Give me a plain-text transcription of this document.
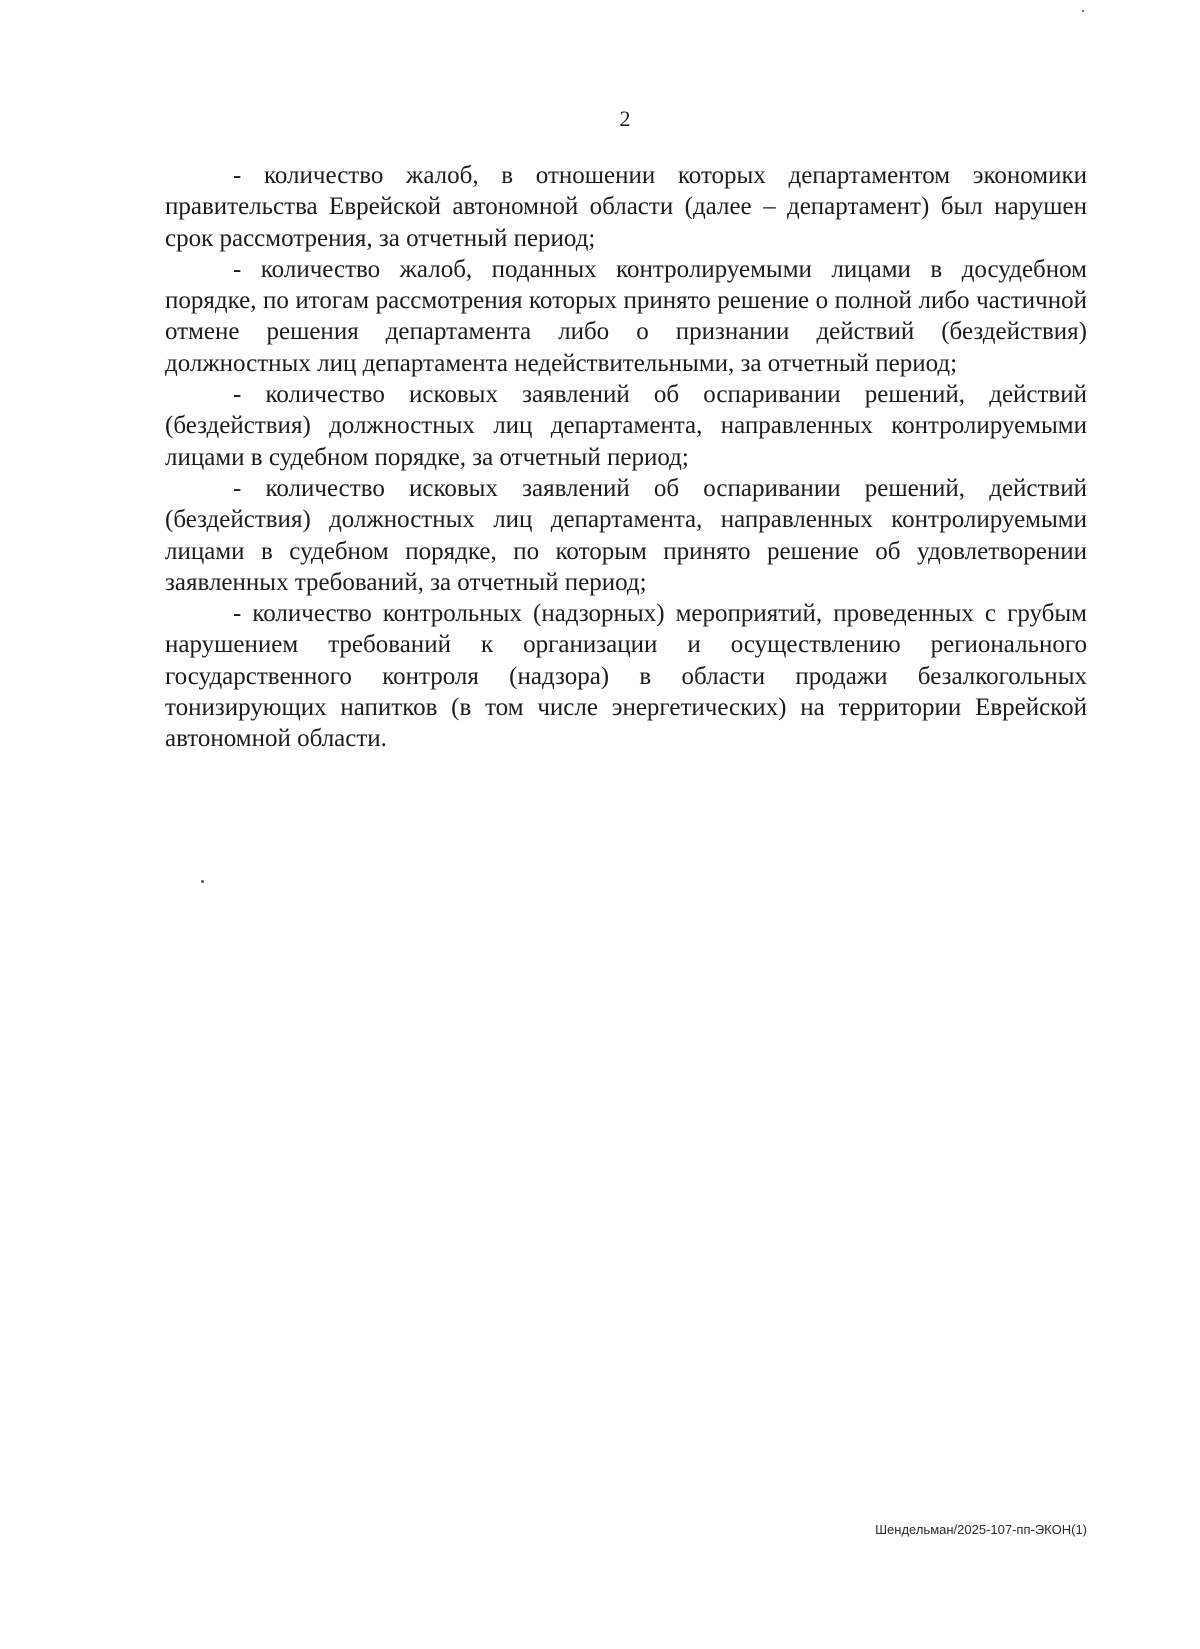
2

- количество жалоб, в отношении которых департаментом экономики правительства Еврейской автономной области (далее – департамент) был нарушен срок рассмотрения, за отчетный период;

- количество жалоб, поданных контролируемыми лицами в досудебном порядке, по итогам рассмотрения которых принято решение о полной либо частичной отмене решения департамента либо о признании действий (бездействия) должностных лиц департамента недействительными, за отчетный период;

- количество исковых заявлений об оспаривании решений, действий (бездействия) должностных лиц департамента, направленных контролируемыми лицами в судебном порядке, за отчетный период;

- количество исковых заявлений об оспаривании решений, действий (бездействия) должностных лиц департамента, направленных контролируемыми лицами в судебном порядке, по которым принято решение об удовлетворении заявленных требований, за отчетный период;

- количество контрольных (надзорных) мероприятий, проведенных с грубым нарушением требований к организации и осуществлению регионального государственного контроля (надзора) в области продажи безалкогольных тонизирующих напитков (в том числе энергетических) на территории Еврейской автономной области.

Шендельман/2025-107-пп-ЭКОН(1)
